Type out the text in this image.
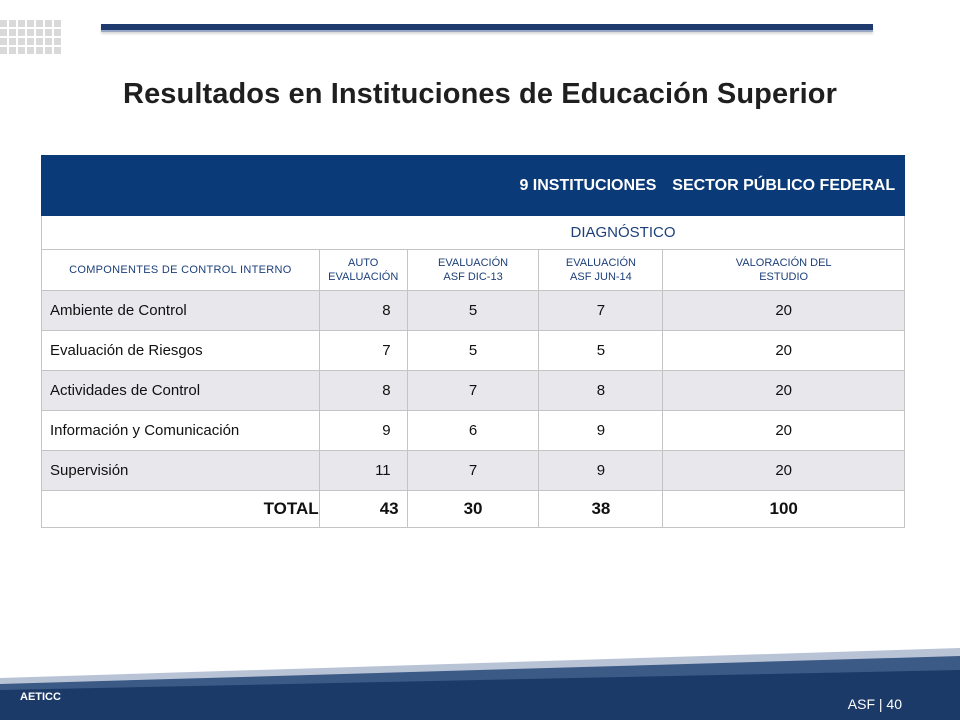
Resultados en Instituciones de Educación Superior
9 INSTITUCIONES				SECTOR PÚBLICO FEDERAL
DIAGNÓSTICO				
COMPONENTES DE CONTROL INTERNO	AUTO EVALUACIÓN	EVALUACIÓN ASF DIC-13	EVALUACIÓN ASF JUN-14	VALORACIÓN DEL ESTUDIO

Ambiente de Control	8	5	7	20
Evaluación de Riesgos	7	5	5	20
Actividades de Control	8	7	8	20
Información y Comunicación	9	6	9	20
Supervisión	11	7	9	20
TOTAL	43	30	38	100
AETICC	ASF | 40
